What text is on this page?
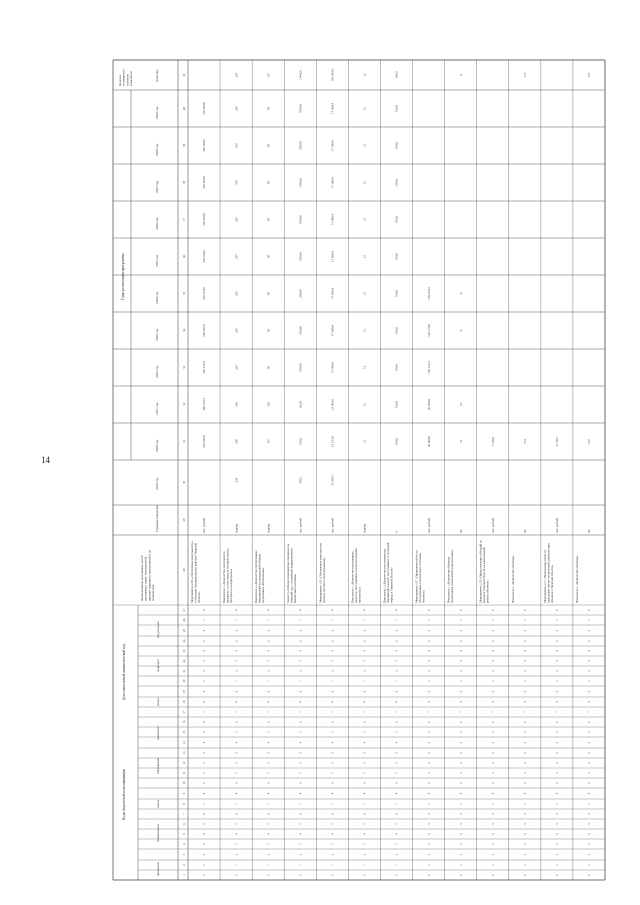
14
Коды бюджетной классификации
Дополнительный аналитический код
Годы реализации программы
Целевое (суммарное) значение показателя
программа
подпрограмма
задача
мероприятие
показатель
раздел
подраздел
вид расходов
Наименование программы, целей программы, задач, мероприятий, административных мероприятий и их показателей
Единица измерения
2019 год
2020 год
2021 год
2022 год
2023 год
2024 год
2025 год
2026 год
2027 год
2028 год
2029 год
значение
1
2
3
4
5
6
7
8
9
10
11
12
13
14
15
16
17
18
19
20
21
22
23
24
25
26
27
28
29
30
31
32
33
34
35
36
37
38
39
40
41
0
1
2
3
4
5
6
7
8
0
1
2
3
4
5
6
7
8
0
1
2
3
4
5
6
7
8
Мероприятие 2.04 «Обеспечение деятельности», «Субсидии муниципальным районам Тверской области»
тыс. рублей
143 843,9
149 233,3
102 152,0
104 297,8
104 270,0
104 534,0
106 500,0
106 500,0
106 500,0
106 500,0
0
1
2
3
4
5
6
7
8
0
1
2
3
4
5
6
7
8
0
1
2
3
4
5
6
7
8
Показатель 1 «Количество деятельности программ, за счет средств муниципальных программ и подпрограмм»
единиц
254
208
206
207
207
207
207
207
207
207
207
207
0
1
2
3
4
5
6
7
8
0
1
2
3
4
5
6
7
8
0
1
2
3
4
5
6
7
8
Показатель 2 «Количество обеспеченных мероприятий по гражданской обороне, подлежащих обеспечению»
единиц
111
128
95
95
95
95
95
95
95
95
95
0
1
2
3
4
5
6
7
8
0
1
2
3
4
5
6
7
8
0
1
2
3
4
5
6
7
8
Задача 3 «Рабочие мероприятия, связанные на текущий год, с основными направлениями бюджетной политики»
тыс. рублей
585,1
278,0
622,0
678,00
528,00
368,00
678,00
678,00
678,00
558,00
678,00
7 945,0
0
1
2
3
4
5
6
7
8
0
1
2
3
4
5
6
7
8
0
1
2
3
4
5
6
7
8
Мероприятие 3.01 «Обеспечение деятельности органов местного самоуправления»
тыс. рублей
31 083,7
21 153,0
22 893,0
17 699,4
17 699,4
17 699,4
17 699,4
17 699,4
17 699,4
17 699,4
17 699,4
182 883,0
0
1
2
3
4
5
6
7
8
0
1
2
3
4
5
6
7
8
0
1
2
3
4
5
6
7
8
Показатель 1 «Количество исполненных запросов, поступивших в ходе исполнения программы»
единиц
12
12
12
12
12
12
12
12
12
12
12
0
1
2
3
4
5
6
7
8
0
1
2
3
4
5
6
7
8
0
1
2
3
4
5
6
7
8
Показатель 2 «Количество рассмотренных обращений и жалоб, поступивших за отчетный период в Тверской области»
%
100,0
100,0
100,0
100,0
100,0
100,0
100,0
100,0
100,0
100,0
100,0
0
1
2
3
4
5
6
7
8
0
1
2
3
4
5
6
7
8
0
1
2
3
4
5
6
7
8
Мероприятие 2.07 «Проведение работ по обследованию технического состояния объектов»
тыс. рублей
29 600,0
40 288,0
139 172,3
120 270,9
119 650,2
0
1
2
3
4
5
6
7
8
0
1
2
3
4
5
6
7
8
0
1
2
3
4
5
6
7
8
Показатель 1 «Количество объектов, подлежащих технической документации»
шт
12
14
9
9
9
0
1
2
3
4
5
6
7
8
0
1
2
3
4
5
6
7
8
0
1
2
3
4
5
6
7
8
Мероприятие 2.10 «Предоставление субсидий из бюджета Тверской области на капитальный ремонт объектов»
тыс. рублей
3 105,0
0
1
2
3
4
5
6
7
8
0
1
2
3
4
5
6
7
8
0
1
2
3
4
5
6
7
8
Показатель 1 «Количество объектов»
шт
113
113
0
1
2
3
4
5
6
7
8
0
1
2
3
4
5
6
7
8
0
1
2
3
4
5
6
7
8
Мероприятие 2.17 «Выполнение работ по подготовке научно-технической документации объектов в Тверской области»
тыс. рублей
4 178,7
0
1
2
3
4
5
6
7
8
0
1
2
3
4
5
6
7
8
0
1
2
3
4
5
6
7
8
Показатель 1 «Количество объектов»
шт
137
137
